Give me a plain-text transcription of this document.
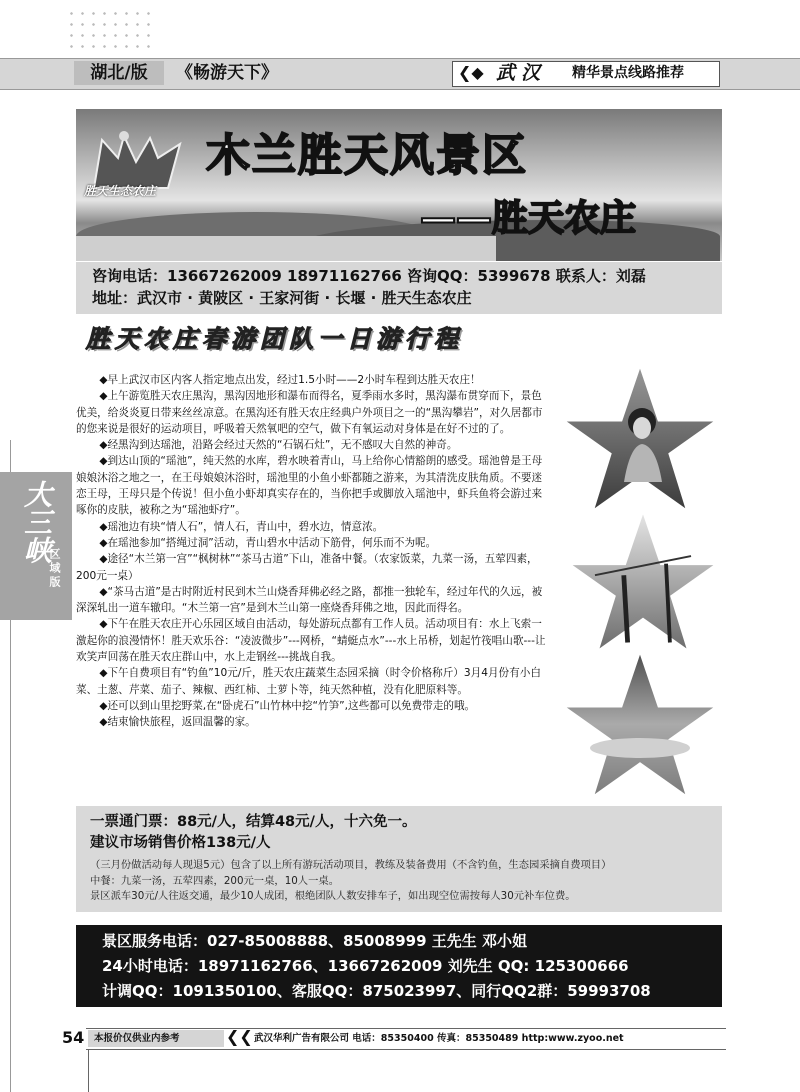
湖北/版	《畅游天下》	❮◆ 武汉 精华景点线路推荐
大三峡
区域版
胜天生态农庄
木兰胜天风景区
——胜天农庄
咨询电话：13667262009 18971162766 咨询QQ：5399678 联系人：刘磊
地址：武汉市 · 黄陂区 · 王家河街 · 长堰 · 胜天生态农庄
胜天农庄春游团队一日游行程

◆早上武汉市区内客人指定地点出发，经过1.5小时——2小时车程到达胜天农庄！

◆上午游览胜天农庄黑沟，黑沟因地形和瀑布而得名，夏季雨水多时，黑沟瀑布贯穿而下，景色优美，给炎炎夏日带来丝丝凉意。在黑沟还有胜天农庄经典户外项目之一的“黑沟攀岩”，对久居都市的您来说是很好的运动项目，呼吸着天然氧吧的空气，做下有氧运动对身体是在好不过的了。

◆经黑沟到达瑶池，沿路会经过天然的“石锅石灶”，无不感叹大自然的神奇。

◆到达山顶的“瑶池”，纯天然的水库，碧水映着青山，马上给你心情豁朗的感受。瑶池曾是王母娘娘沐浴之地之一，在王母娘娘沐浴时，瑶池里的小鱼小虾都随之游来，为其清洗皮肤角质。不要迷恋王母，王母只是个传说！但小鱼小虾却真实存在的，当你把手或脚放入瑶池中，虾兵鱼将会游过来啄你的皮肤，被称之为“瑶池虾疗”。

◆瑶池边有块“情人石”，情人石，青山中，碧水边，情意浓。

◆在瑶池参加“搭绳过洞”活动，青山碧水中活动下筋骨，何乐而不为呢。

◆途径“木兰第一宫”“枫树林”“茶马古道”下山，准备中餐。（农家饭菜，九菜一汤，五荤四素，200元一桌）

◆“茶马古道”是古时附近村民到木兰山烧香拜佛必经之路，都推一独轮车，经过年代的久远，被深深轧出一道车辙印。“木兰第一宫”是到木兰山第一座烧香拜佛之地，因此而得名。

◆下午在胜天农庄开心乐园区域自由活动，每处游玩点都有工作人员。活动项目有：水上飞索一激起你的浪漫情怀！胜天欢乐谷：“凌波微步”---网桥，“蜻蜓点水”---水上吊桥，划起竹筏唱山歌---让欢笑声回荡在胜天农庄群山中，水上走钢丝---挑战自我。

◆下午自费项目有“钓鱼”10元/斤，胜天农庄蔬菜生态园采摘（时令价格称斤）3月4月份有小白菜、土葱、芹菜、茄子、辣椒、西红柿、土萝卜等，纯天然种植，没有化肥原料等。

◆还可以到山里挖野菜,在“卧虎石”山竹林中挖“竹笋”,这些都可以免费带走的哦。

◆结束愉快旅程，返回温馨的家。

一票通门票：88元/人，结算48元/人，十六免一。
建议市场销售价格138元/人

（三月份做活动每人现退5元）包含了以上所有游玩活动项目，教练及装备费用（不含钓鱼，生态园采摘自费项目）

中餐：九菜一汤，五荤四素，200元一桌，10人一桌。

景区派车30元/人往返交通，最少10人成团，根绝团队人数安排车子，如出现空位需按每人30元补车位费。

景区服务电话：027-85008888、85008999 王先生 邓小姐
24小时电话：18971162766、13667262009 刘先生 QQ: 125300666
计调QQ：1091350100、客服QQ：875023997、同行QQ2群：59993708
54	本报价仅供业内参考	❮❮ 武汉华利广告有限公司 电话：85350400 传真：85350489 http:www.zyoo.net
